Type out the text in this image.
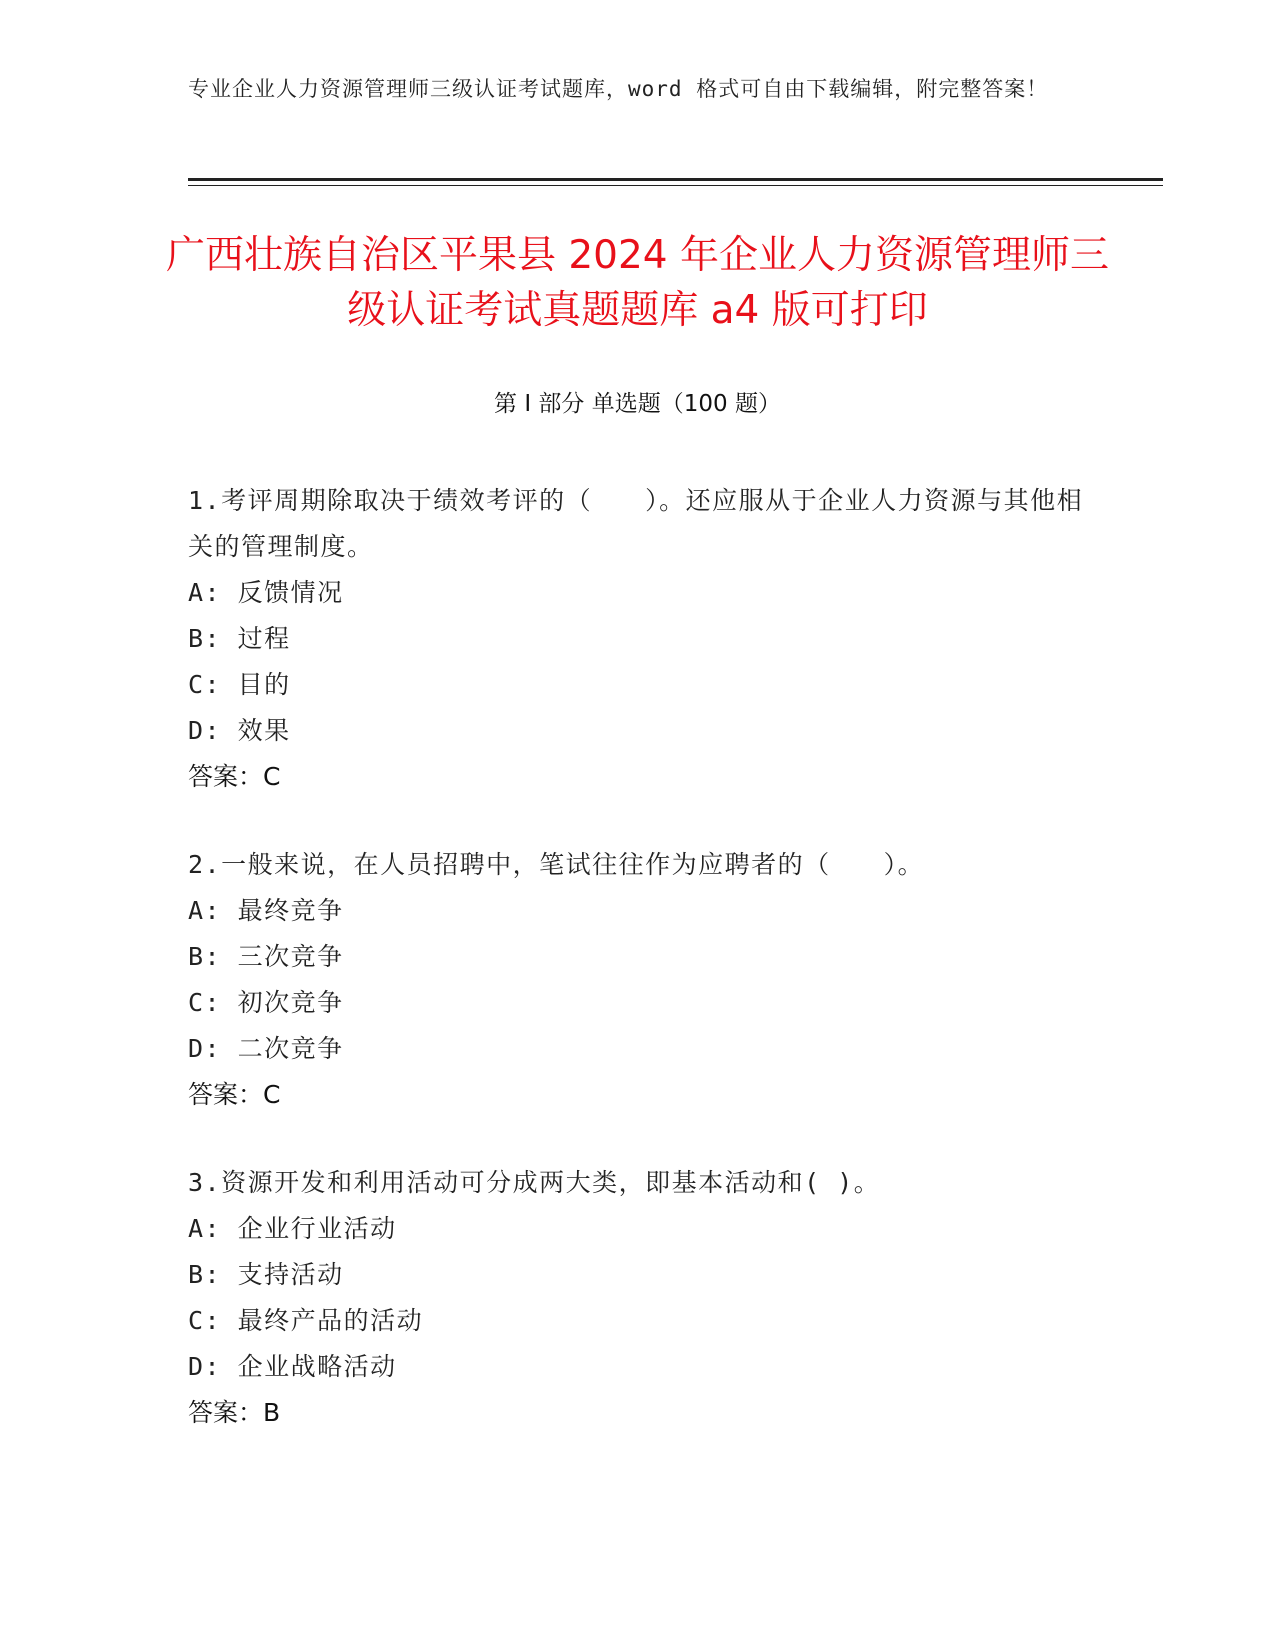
专业企业人力资源管理师三级认证考试题库，word 格式可自由下载编辑，附完整答案！
广西壮族自治区平果县 2024 年企业人力资源管理师三级认证考试真题题库 a4 版可打印
第 I 部分 单选题（100 题）
1.考评周期除取决于绩效考评的（　　）。还应服从于企业人力资源与其他相关的管理制度。
A: 反馈情况
B: 过程
C: 目的
D: 效果
答案：C
2.一般来说，在人员招聘中，笔试往往作为应聘者的（　　）。
A: 最终竞争
B: 三次竞争
C: 初次竞争
D: 二次竞争
答案：C
3.资源开发和利用活动可分成两大类，即基本活动和( )。
A: 企业行业活动
B: 支持活动
C: 最终产品的活动
D: 企业战略活动
答案：B
